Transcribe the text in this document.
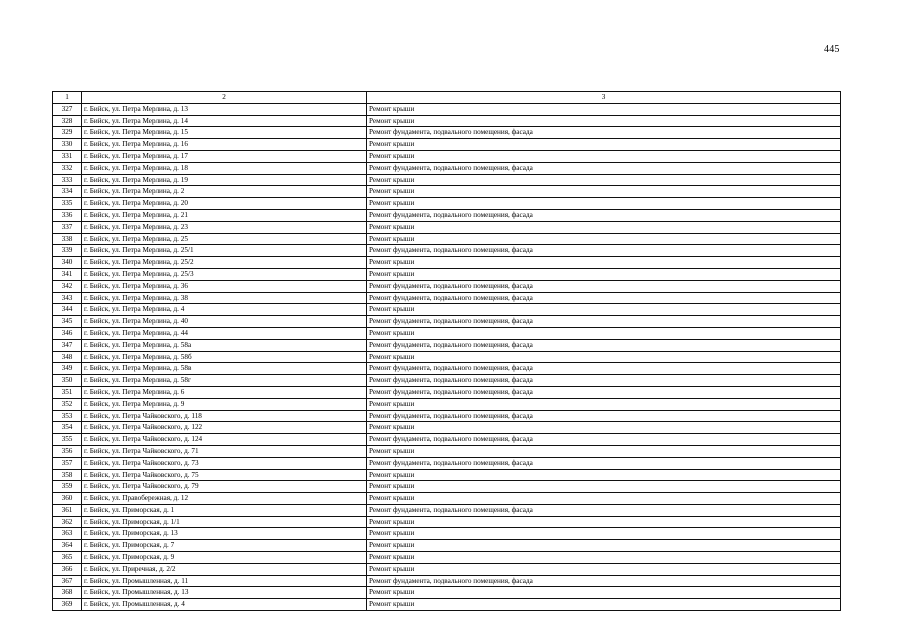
445
1	2	3
327	г. Бийск, ул. Петра Мерлина, д. 13	Ремонт крыши
328	г. Бийск, ул. Петра Мерлина, д. 14	Ремонт крыши
329	г. Бийск, ул. Петра Мерлина, д. 15	Ремонт фундамента, подвального помещения, фасада
330	г. Бийск, ул. Петра Мерлина, д. 16	Ремонт крыши
331	г. Бийск, ул. Петра Мерлина, д. 17	Ремонт крыши
332	г. Бийск, ул. Петра Мерлина, д. 18	Ремонт фундамента, подвального помещения, фасада
333	г. Бийск, ул. Петра Мерлина, д. 19	Ремонт крыши
334	г. Бийск, ул. Петра Мерлина, д. 2	Ремонт крыши
335	г. Бийск, ул. Петра Мерлина, д. 20	Ремонт крыши
336	г. Бийск, ул. Петра Мерлина, д. 21	Ремонт фундамента, подвального помещения, фасада
337	г. Бийск, ул. Петра Мерлина, д. 23	Ремонт крыши
338	г. Бийск, ул. Петра Мерлина, д. 25	Ремонт крыши
339	г. Бийск, ул. Петра Мерлина, д. 25/1	Ремонт фундамента, подвального помещения, фасада
340	г. Бийск, ул. Петра Мерлина, д. 25/2	Ремонт крыши
341	г. Бийск, ул. Петра Мерлина, д. 25/3	Ремонт крыши
342	г. Бийск, ул. Петра Мерлина, д. 36	Ремонт фундамента, подвального помещения, фасада
343	г. Бийск, ул. Петра Мерлина, д. 38	Ремонт фундамента, подвального помещения, фасада
344	г. Бийск, ул. Петра Мерлина, д. 4	Ремонт крыши
345	г. Бийск, ул. Петра Мерлина, д. 40	Ремонт фундамента, подвального помещения, фасада
346	г. Бийск, ул. Петра Мерлина, д. 44	Ремонт крыши
347	г. Бийск, ул. Петра Мерлина, д. 58а	Ремонт фундамента, подвального помещения, фасада
348	г. Бийск, ул. Петра Мерлина, д. 58б	Ремонт крыши
349	г. Бийск, ул. Петра Мерлина, д. 58в	Ремонт фундамента, подвального помещения, фасада
350	г. Бийск, ул. Петра Мерлина, д. 58г	Ремонт фундамента, подвального помещения, фасада
351	г. Бийск, ул. Петра Мерлина, д. 6	Ремонт фундамента, подвального помещения, фасада
352	г. Бийск, ул. Петра Мерлина, д. 9	Ремонт крыши
353	г. Бийск, ул. Петра Чайковского, д. 118	Ремонт фундамента, подвального помещения, фасада
354	г. Бийск, ул. Петра Чайковского, д. 122	Ремонт крыши
355	г. Бийск, ул. Петра Чайковского, д. 124	Ремонт фундамента, подвального помещения, фасада
356	г. Бийск, ул. Петра Чайковского, д. 71	Ремонт крыши
357	г. Бийск, ул. Петра Чайковского, д. 73	Ремонт фундамента, подвального помещения, фасада
358	г. Бийск, ул. Петра Чайковского, д. 75	Ремонт крыши
359	г. Бийск, ул. Петра Чайковского, д. 79	Ремонт крыши
360	г. Бийск, ул. Правобережная, д. 12	Ремонт крыши
361	г. Бийск, ул. Приморская, д. 1	Ремонт фундамента, подвального помещения, фасада
362	г. Бийск, ул. Приморская, д. 1/1	Ремонт крыши
363	г. Бийск, ул. Приморская, д. 13	Ремонт крыши
364	г. Бийск, ул. Приморская, д. 7	Ремонт крыши
365	г. Бийск, ул. Приморская, д. 9	Ремонт крыши
366	г. Бийск, ул. Приречная, д. 2/2	Ремонт крыши
367	г. Бийск, ул. Промышленная, д. 11	Ремонт фундамента, подвального помещения, фасада
368	г. Бийск, ул. Промышленная, д. 13	Ремонт крыши
369	г. Бийск, ул. Промышленная, д. 4	Ремонт крыши
